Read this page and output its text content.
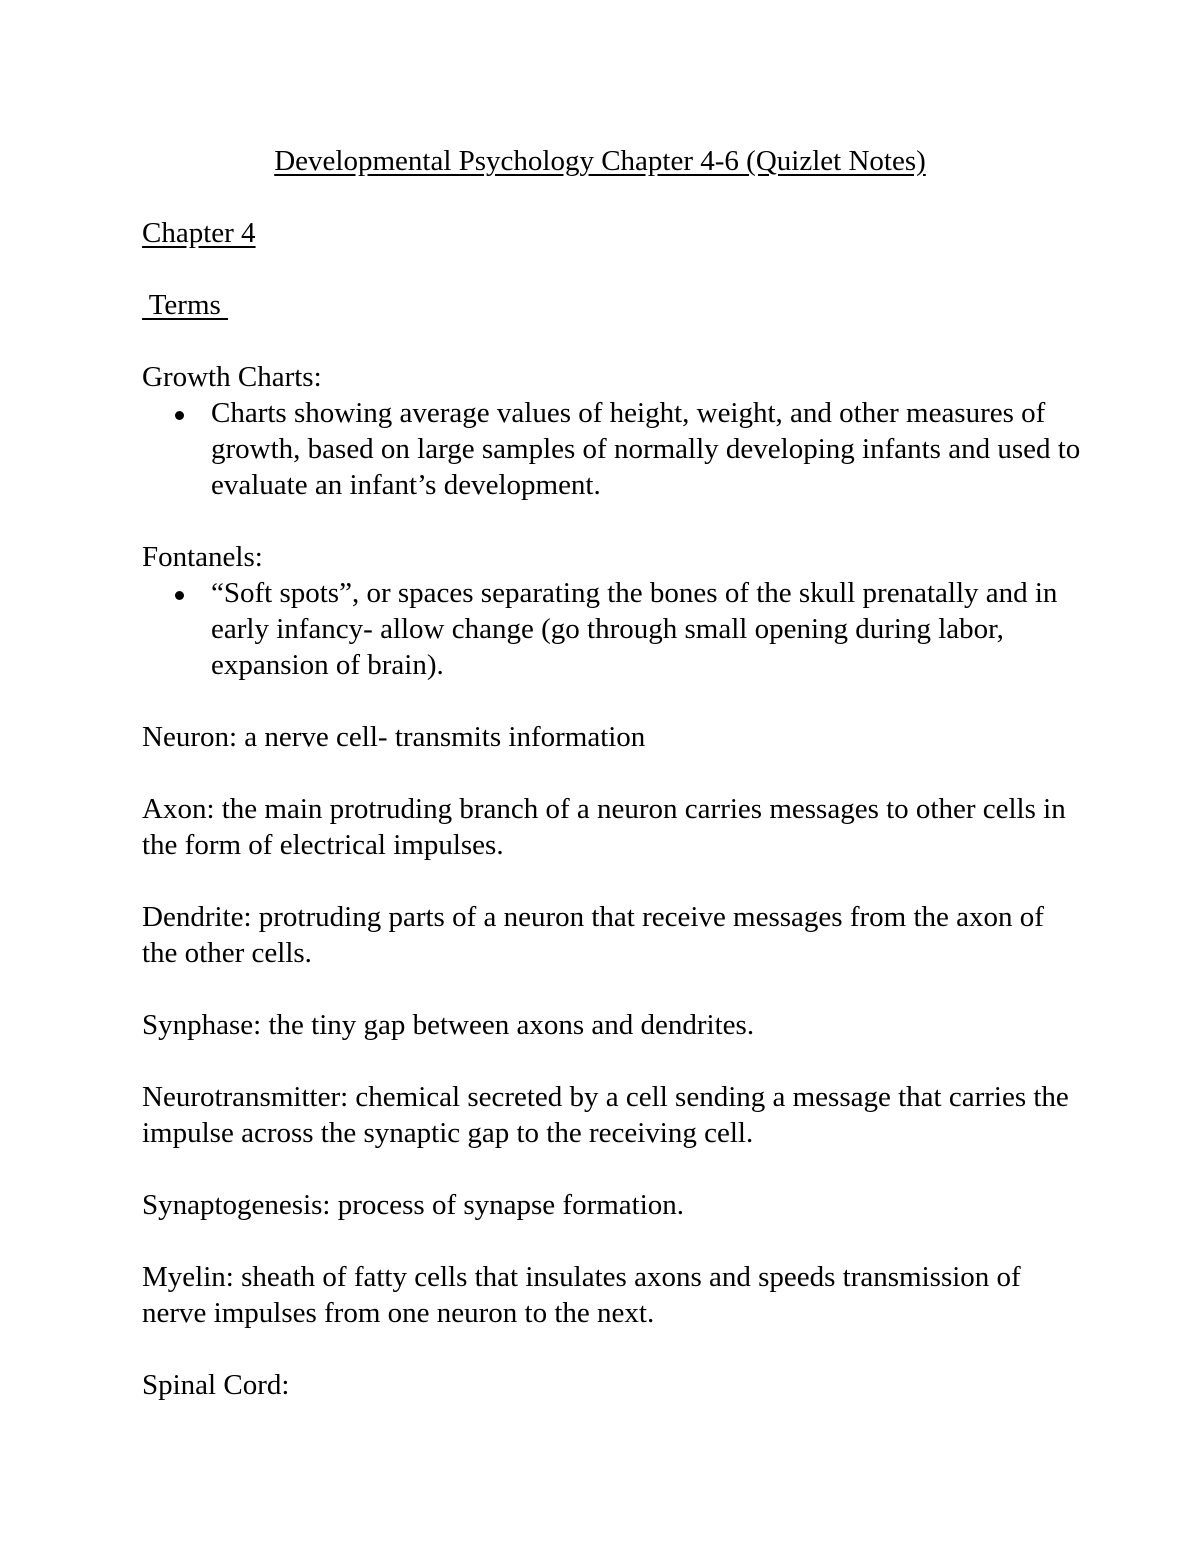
Developmental Psychology Chapter 4-6 (Quizlet Notes)
Chapter 4
Terms
Growth Charts:
Charts showing average values of height, weight, and other measures of growth, based on large samples of normally developing infants and used to evaluate an infant’s development.
Fontanels:
“Soft spots”, or spaces separating the bones of the skull prenatally and in early infancy- allow change (go through small opening during labor, expansion of brain).
Neuron: a nerve cell- transmits information
Axon: the main protruding branch of a neuron carries messages to other cells in the form of electrical impulses.
Dendrite: protruding parts of a neuron that receive messages from the axon of the other cells.
Synphase: the tiny gap between axons and dendrites.
Neurotransmitter: chemical secreted by a cell sending a message that carries the impulse across the synaptic gap to the receiving cell.
Synaptogenesis: process of synapse formation.
Myelin: sheath of fatty cells that insulates axons and speeds transmission of nerve impulses from one neuron to the next.
Spinal Cord:
